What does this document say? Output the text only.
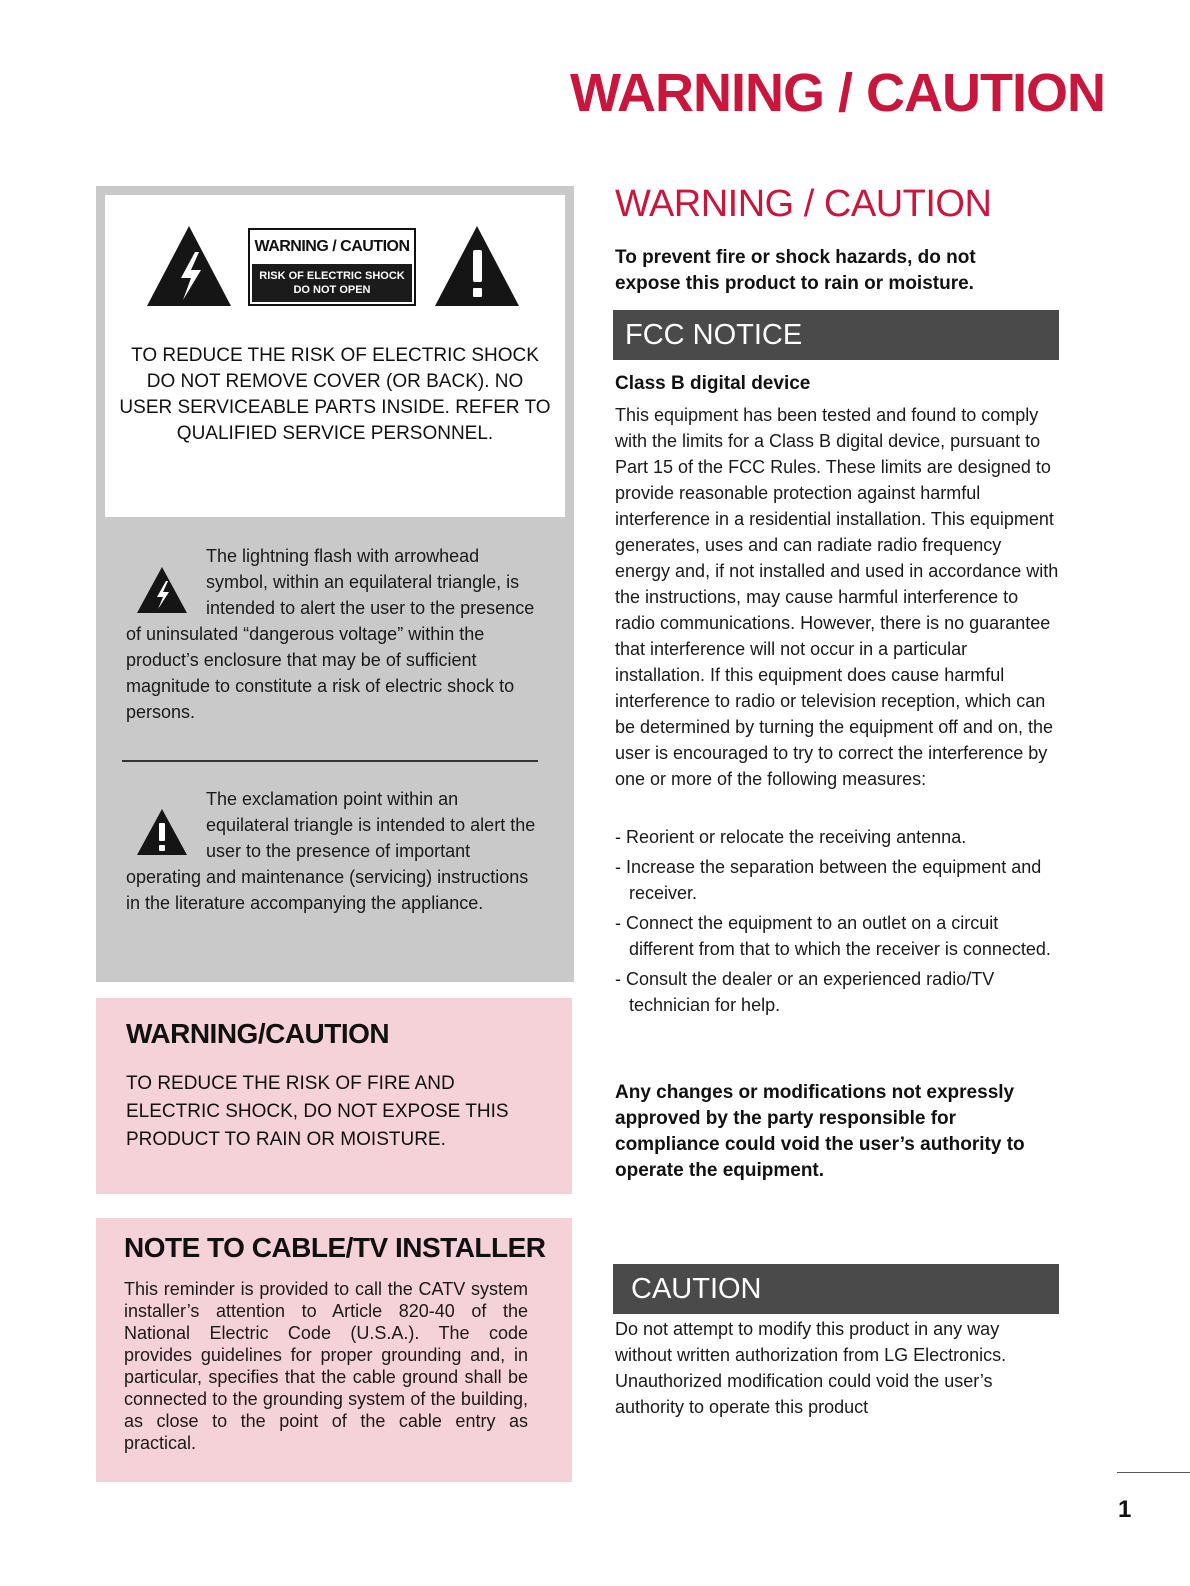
WARNING / CAUTION
WARNING / CAUTION
RISK OF ELECTRIC SHOCK
DO NOT OPEN
TO REDUCE THE RISK OF ELECTRIC SHOCK DO NOT REMOVE COVER (OR BACK). NO USER SERVICEABLE PARTS INSIDE. REFER TO QUALIFIED SERVICE PERSONNEL.
The lightning flash with arrowhead symbol, within an equilateral triangle, is intended to alert the user to the presence of uninsulated “dangerous voltage” within the product’s enclosure that may be of sufficient magnitude to constitute a risk of electric shock to persons.
The exclamation point within an equilateral triangle is intended to alert the user to the presence of important operating and maintenance (servicing) instructions in the literature accompanying the appliance.
WARNING/CAUTION
TO REDUCE THE RISK OF FIRE AND ELECTRIC SHOCK, DO NOT EXPOSE THIS PRODUCT TO RAIN OR MOISTURE.
NOTE TO CABLE/TV INSTALLER
This reminder is provided to call the CATV system installer’s attention to Article 820-40 of the National Electric Code (U.S.A.). The code provides guidelines for proper grounding and, in particular, specifies that the cable ground shall be connected to the grounding system of the building, as close to the point of the cable entry as practical.
WARNING / CAUTION
To prevent fire or shock hazards, do not expose this product to rain or moisture.
FCC NOTICE
Class B digital device
This equipment has been tested and found to comply with the limits for a Class B digital device, pursuant to Part 15 of the FCC Rules. These limits are designed to provide reasonable protection against harmful interference in a residential installation. This equipment generates, uses and can radiate radio frequency energy and, if not installed and used in accordance with the instructions, may cause harmful interference to radio communications. However, there is no guarantee that interference will not occur in a particular installation. If this equipment does cause harmful interference to radio or television reception, which can be determined by turning the equipment off and on, the user is encouraged to try to correct the interference by one or more of the following measures:
- Reorient or relocate the receiving antenna.
- Increase the separation between the equipment and receiver.
- Connect the equipment to an outlet on a circuit different from that to which the receiver is connected.
- Consult the dealer or an experienced radio/TV technician for help.
Any changes or modifications not expressly approved by the party responsible for compliance could void the user’s authority to operate the equipment.
CAUTION
Do not attempt to modify this product in any way without written authorization from LG Electronics. Unauthorized modification could void the user’s authority to operate this product
1
